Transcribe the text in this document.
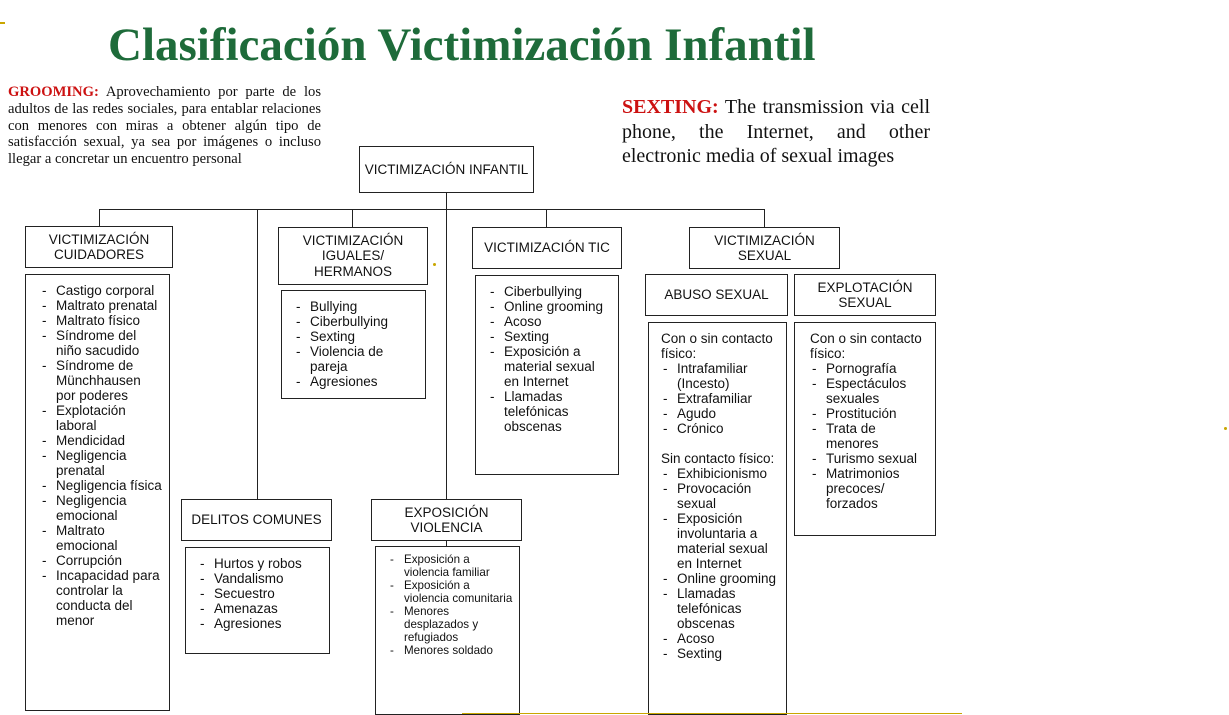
Clasificación Victimización Infantil
GROOMING: Aprovechamiento por parte de los adultos de las redes sociales, para entablar relaciones con menores con miras a obtener algún tipo de satisfacción sexual, ya sea por imágenes o incluso llegar a concretar un encuentro personal
SEXTING: The transmission via cell phone, the Internet, and other electronic media of sexual images
VICTIMIZACIÓN INFANTIL
VICTIMIZACIÓN CUIDADORES
- Castigo corporal
- Maltrato prenatal
- Maltrato físico
- Síndrome del niño sacudido
- Síndrome de Münchhausen por poderes
- Explotación laboral
- Mendicidad
- Negligencia prenatal
- Negligencia física
- Negligencia emocional
- Maltrato emocional
- Corrupción
- Incapacidad para controlar la conducta del menor
VICTIMIZACIÓN IGUALES/ HERMANOS
- Bullying
- Ciberbullying
- Sexting
- Violencia de pareja
- Agresiones
VICTIMIZACIÓN TIC
- Ciberbullying
- Online grooming
- Acoso
- Sexting
- Exposición a material sexual en Internet
- Llamadas telefónicas obscenas
VICTIMIZACIÓN SEXUAL
ABUSO SEXUAL
Con o sin contacto físico:
- Intrafamiliar (Incesto)
- Extrafamiliar
- Agudo
- Crónico
Sin contacto físico:
- Exhibicionismo
- Provocación sexual
- Exposición involuntaria a material sexual en Internet
- Online grooming
- Llamadas telefónicas obscenas
- Acoso
- Sexting
EXPLOTACIÓN SEXUAL
Con o sin contacto físico:
- Pornografía
- Espectáculos sexuales
- Prostitución
- Trata de menores
- Turismo sexual
- Matrimonios precoces/ forzados
DELITOS COMUNES
- Hurtos y robos
- Vandalismo
- Secuestro
- Amenazas
- Agresiones
EXPOSICIÓN VIOLENCIA
- Exposición a violencia familiar
- Exposición a violencia comunitaria
- Menores desplazados y refugiados
- Menores soldado
